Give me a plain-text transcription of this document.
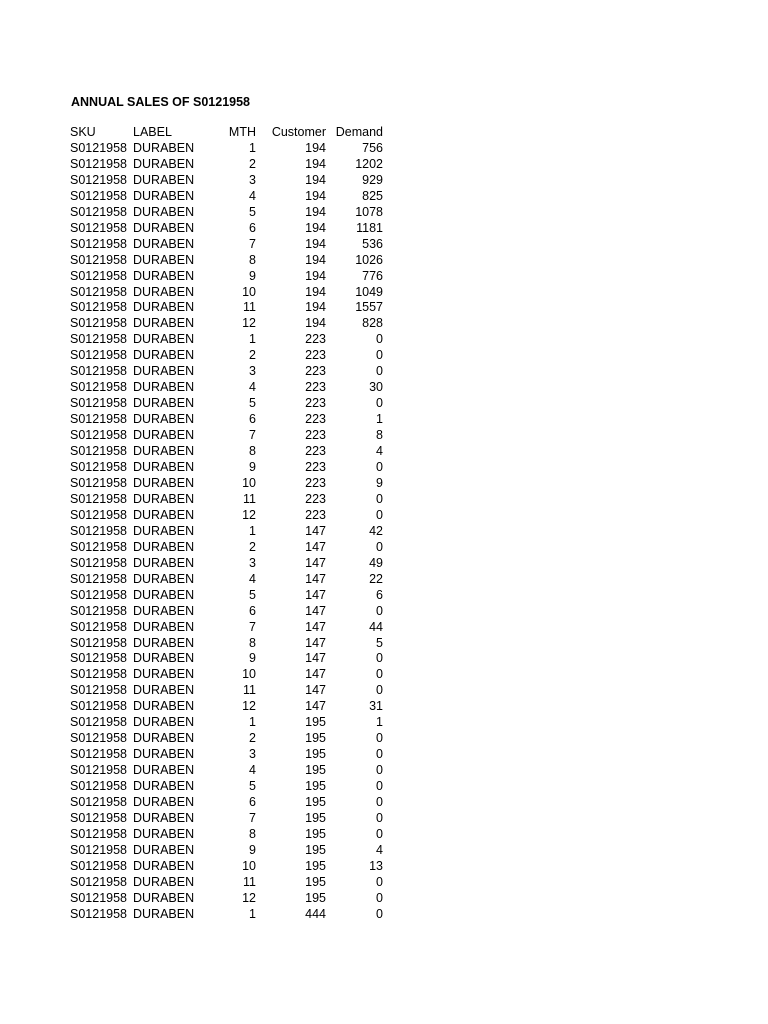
ANNUAL SALES OF S0121958
SKU	LABEL	MTH	Customer	Demand
S0121958	DURABEN	1	194	756
S0121958	DURABEN	2	194	1202
S0121958	DURABEN	3	194	929
S0121958	DURABEN	4	194	825
S0121958	DURABEN	5	194	1078
S0121958	DURABEN	6	194	1181
S0121958	DURABEN	7	194	536
S0121958	DURABEN	8	194	1026
S0121958	DURABEN	9	194	776
S0121958	DURABEN	10	194	1049
S0121958	DURABEN	11	194	1557
S0121958	DURABEN	12	194	828
S0121958	DURABEN	1	223	0
S0121958	DURABEN	2	223	0
S0121958	DURABEN	3	223	0
S0121958	DURABEN	4	223	30
S0121958	DURABEN	5	223	0
S0121958	DURABEN	6	223	1
S0121958	DURABEN	7	223	8
S0121958	DURABEN	8	223	4
S0121958	DURABEN	9	223	0
S0121958	DURABEN	10	223	9
S0121958	DURABEN	11	223	0
S0121958	DURABEN	12	223	0
S0121958	DURABEN	1	147	42
S0121958	DURABEN	2	147	0
S0121958	DURABEN	3	147	49
S0121958	DURABEN	4	147	22
S0121958	DURABEN	5	147	6
S0121958	DURABEN	6	147	0
S0121958	DURABEN	7	147	44
S0121958	DURABEN	8	147	5
S0121958	DURABEN	9	147	0
S0121958	DURABEN	10	147	0
S0121958	DURABEN	11	147	0
S0121958	DURABEN	12	147	31
S0121958	DURABEN	1	195	1
S0121958	DURABEN	2	195	0
S0121958	DURABEN	3	195	0
S0121958	DURABEN	4	195	0
S0121958	DURABEN	5	195	0
S0121958	DURABEN	6	195	0
S0121958	DURABEN	7	195	0
S0121958	DURABEN	8	195	0
S0121958	DURABEN	9	195	4
S0121958	DURABEN	10	195	13
S0121958	DURABEN	11	195	0
S0121958	DURABEN	12	195	0
S0121958	DURABEN	1	444	0
